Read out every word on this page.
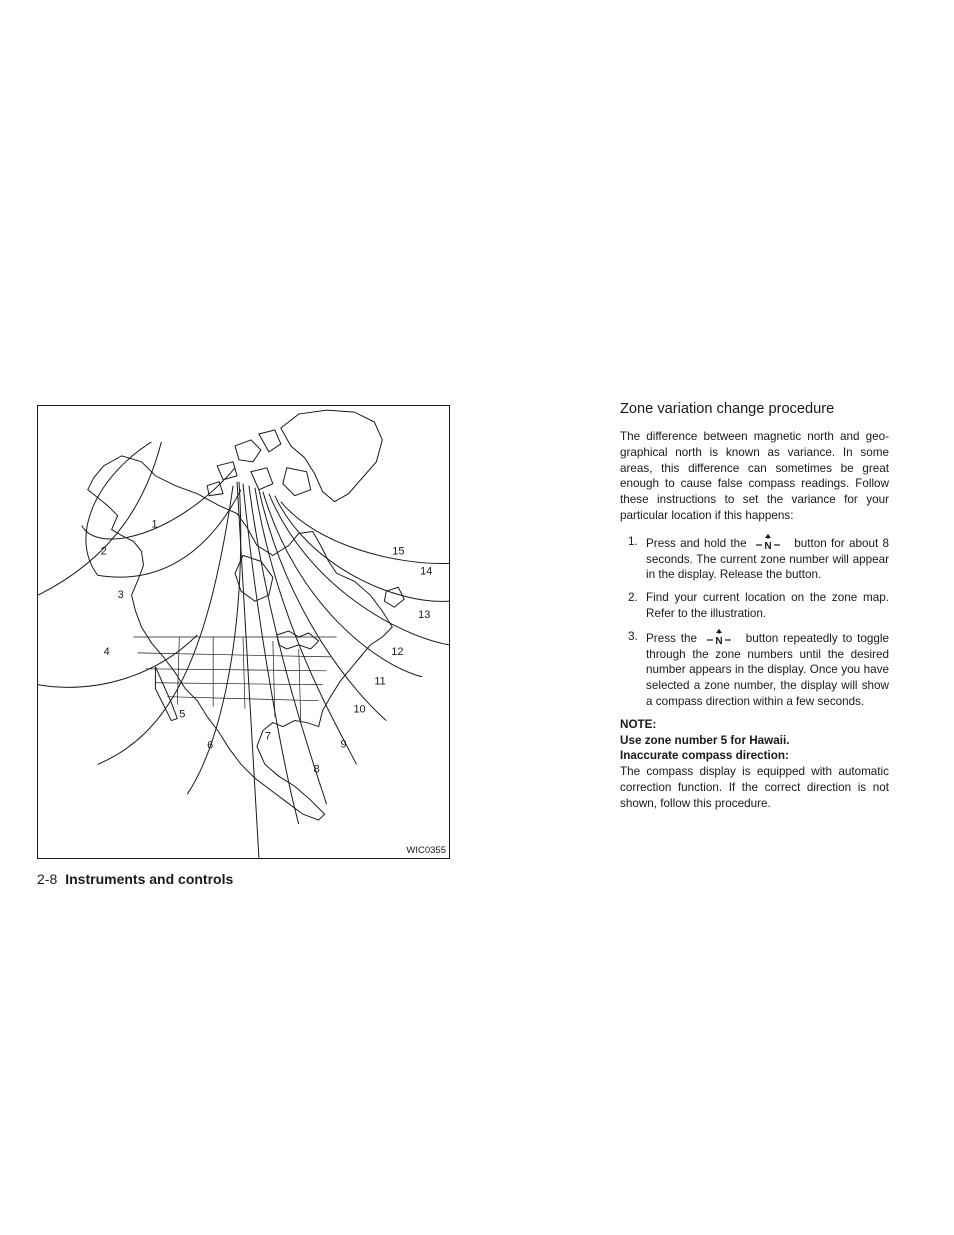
1
2
3
4
5
6
7
8
9
10
11
12
13
14
15
WIC0355
2-8 Instruments and controls
Zone variation change procedure

The difference between magnetic north and geo-graphical north is known as variance. In some areas, this difference can sometimes be great enough to cause false compass readings. Follow these instructions to set the variance for your particular location if this happens:

1. Press and hold the N button for about 8 seconds. The current zone number will appear in the display. Release the button.
2. Find your current location on the zone map. Refer to the illustration.
3. Press the N button repeatedly to toggle through the zone numbers until the desired number appears in the display. Once you have selected a zone number, the display will show a compass direction within a few seconds.

NOTE:

Use zone number 5 for Hawaii.

Inaccurate compass direction:

The compass display is equipped with automatic correction function. If the correct direction is not shown, follow this procedure.
